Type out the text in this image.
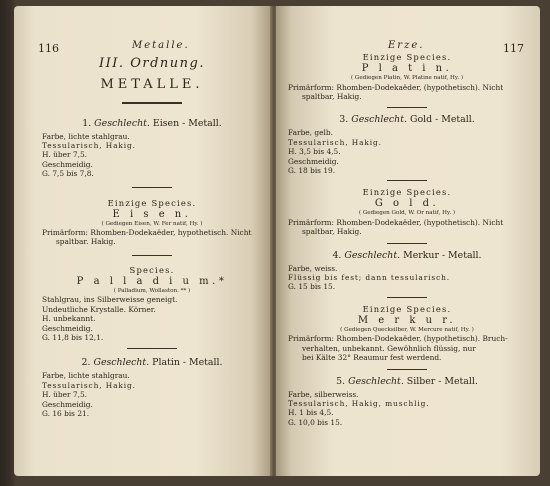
116	Metalle.
III. Ordnung.
METALLE.
1. Geschlecht. Eisen - Metall.
Farbe, lichte stahlgrau.
Tessularisch, Hakig.
H. über 7,5.
Geschmeidig.
G. 7,5 bis 7,8.
Einzige Species.
E i s e n.
( Gediegen Eisen, W. Fer natif, Hy. )
Primärform: Rhomben-Dodekaëder, hypothetisch. Nicht
spaltbar. Hakig.
Species.
P a l l a d i u m.*
( Palladium, Wollaston. ** )
Stahlgrau, ins Silberweisse geneigt.
Undeutliche Krystalle. Körner.
H. unbekannt.
Geschmeidig.
G. 11,8 bis 12,1.
2. Geschlecht. Platin - Metall.
Farbe, lichte stahlgrau.
Tessularisch, Hakig.
H. über 7,5.
Geschmeidig.
G. 16 bis 21.
Erze.	117
Einzige Species.
P l a t i n.
( Gediegen Platin, W. Platine natif, Hy. )
Primärform: Rhomben-Dodekaëder, (hypothetisch). Nicht
spaltbar, Hakig.
3. Geschlecht. Gold - Metall.
Farbe, gelb.
Tessularisch, Hakig.
H. 3,5 bis 4,5.
Geschmeidig.
G. 18 bis 19.
Einzige Species.
G o l d.
( Gediegen Gold, W. Or natif, Hy. )
Primärform: Rhomben-Dodekaëder, (hypothetisch). Nicht
spaltbar, Hakig.
4. Geschlecht. Merkur - Metall.
Farbe, weiss.
Flüssig bis fest; dann tessularisch.
G. 15 bis 15.
Einzige Species.
M e r k u r.
( Gediegen Quecksilber, W. Mercure natif, Hy. )
Primärform: Rhomben-Dodekaëder, (hypothetisch). Bruch-
verhalten, unbekannt. Gewöhnlich flüssig, nur
bei Kälte 32° Reaumur fest werdend.
5. Geschlecht. Silber - Metall.
Farbe, silberweiss.
Tessularisch, Hakig, muschlig.
H. 1 bis 4,5.
G. 10,0 bis 15.
